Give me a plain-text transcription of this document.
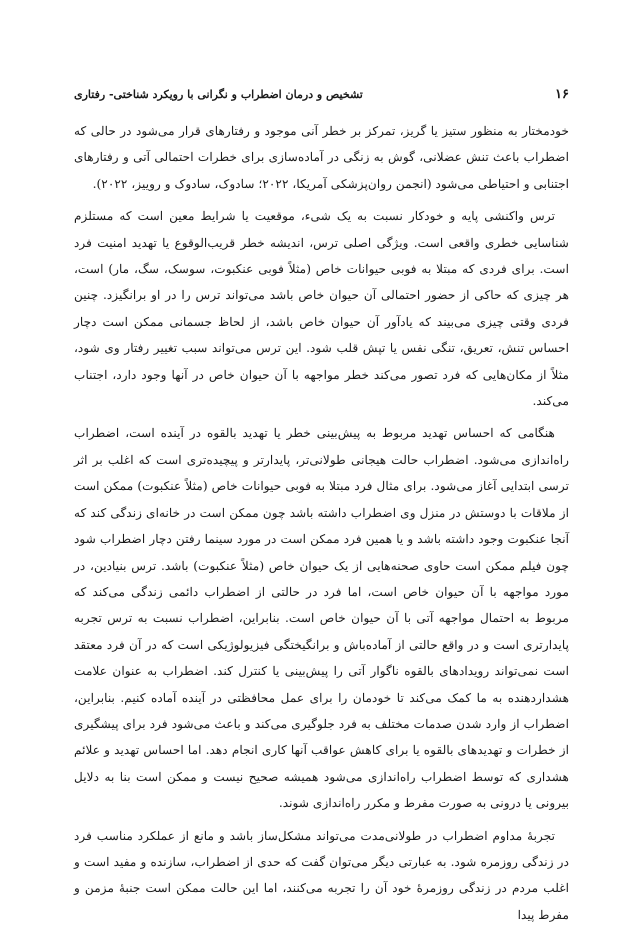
۱۶
تشخیص و درمان اضطراب و نگرانی با رویکرد شناختی- رفتاری

خودمختار به منظور ستیز یا گریز، تمرکز بر خطر آنی موجود و رفتارهای قرار می‌شود در حالی که اضطراب باعث تنش عضلانی، گوش به زنگی در آماده‌سازی برای خطرات احتمالی آتی و رفتارهای اجتنابی و احتیاطی می‌شود (انجمن روان‌پزشکی آمریکا، ۲۰۲۲؛ سادوک، سادوک و روییز، ۲۰۲۲).

ترس واکنشی پایه و خودکار نسبت به یک شیء، موقعیت یا شرایط معین است که مستلزم شناسایی خطری واقعی است. ویژگی اصلی ترس، اندیشه خطر قریب‌الوقوع یا تهدید امنیت فرد است. برای فردی که مبتلا به فوبی حیوانات خاص (مثلاً فوبی عنکبوت، سوسک، سگ، مار) است، هر چیزی که حاکی از حضور احتمالی آن حیوان خاص باشد می‌تواند ترس را در او برانگیزد. چنین فردی وقتی چیزی می‌بیند که یادآور آن حیوان خاص باشد، از لحاظ جسمانی ممکن است دچار احساس تنش، تعریق، تنگی نفس یا تپش قلب شود. این ترس می‌تواند سبب تغییر رفتار وی شود، مثلاً از مکان‌هایی که فرد تصور می‌کند خطر مواجهه با آن حیوان خاص در آنها وجود دارد، اجتناب می‌کند.

هنگامی که احساس تهدید مربوط به پیش‌بینی خطر یا تهدید بالقوه در آینده است، اضطراب راه‌اندازی می‌شود. اضطراب حالت هیجانی طولانی‌تر، پایدارتر و پیچیده‌تری است که اغلب بر اثر ترسی ابتدایی آغاز می‌شود. برای مثال فرد مبتلا به فوبی حیوانات خاص (مثلاً عنکبوت) ممکن است از ملاقات با دوستش در منزل وی اضطراب داشته باشد چون ممکن است در خانه‌ای زندگی کند که آنجا عنکبوت وجود داشته باشد و یا همین فرد ممکن است در مورد سینما رفتن دچار اضطراب شود چون فیلم ممکن است حاوی صحنه‌هایی از یک حیوان خاص (مثلاً عنکبوت) باشد. ترس بنیادین، در مورد مواجهه با آن حیوان خاص است، اما فرد در حالتی از اضطراب دائمی زندگی می‌کند که مربوط به احتمال مواجهه آتی با آن حیوان خاص است. بنابراین، اضطراب نسبت به ترس تجربه پایدارتری است و در واقع حالتی از آماده‌باش و برانگیختگی فیزیولوژیکی است که در آن فرد معتقد است نمی‌تواند رویدادهای بالقوه ناگوار آتی را پیش‌بینی یا کنترل کند. اضطراب به عنوان علامت هشداردهنده به ما کمک می‌کند تا خودمان را برای عمل محافظتی در آینده آماده کنیم. بنابراین، اضطراب از وارد شدن صدمات مختلف به فرد جلوگیری می‌کند و باعث می‌شود فرد برای پیشگیری از خطرات و تهدیدهای بالقوه یا برای کاهش عواقب آنها کاری انجام دهد. اما احساس تهدید و علائم هشداری که توسط اضطراب راه‌اندازی می‌شود همیشه صحیح نیست و ممکن است بنا به دلایل بیرونی یا درونی به صورت مفرط و مکرر راه‌اندازی شوند.

تجربهٔ مداوم اضطراب در طولانی‌مدت می‌تواند مشکل‌ساز باشد و مانع از عملکرد مناسب فرد در زندگی روزمره شود. به عبارتی دیگر می‌توان گفت که حدی از اضطراب، سازنده و مفید است و اغلب مردم در زندگی روزمرهٔ خود آن را تجربه می‌کنند، اما این حالت ممکن است جنبهٔ مزمن و مفرط پیدا
